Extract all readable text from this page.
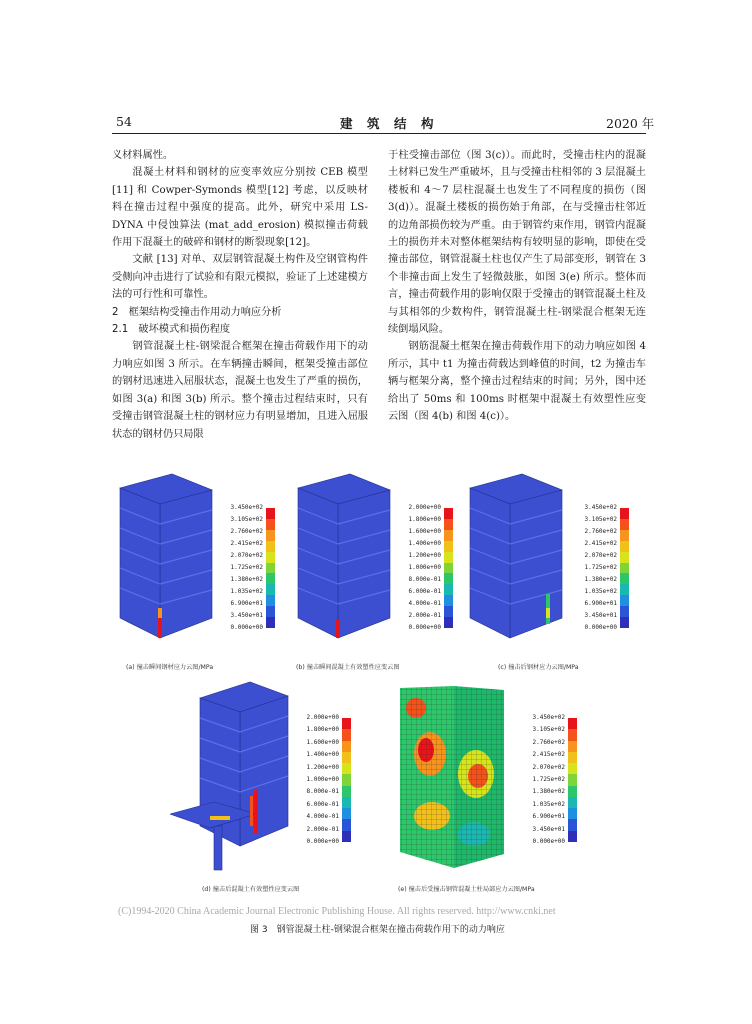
54	建　筑　结　构	2020 年

义材料属性。

混凝土材料和钢材的应变率效应分别按 CEB 模型[11] 和 Cowper-Symonds 模型[12] 考虑，以反映材料在撞击过程中强度的提高。此外，研究中采用 LS-DYNA 中侵蚀算法 (mat_add_erosion) 模拟撞击荷载作用下混凝土的破碎和钢材的断裂现象[12]。

文献 [13] 对单、双层钢管混凝土构件及空钢管构件受侧向冲击进行了试验和有限元模拟，验证了上述建模方法的可行性和可靠性。

2　框架结构受撞击作用动力响应分析

2.1　破坏模式和损伤程度

钢管混凝土柱-钢梁混合框架在撞击荷载作用下的动力响应如图 3 所示。在车辆撞击瞬间，框架受撞击部位的钢材迅速进入屈服状态，混凝土也发生了严重的损伤，如图 3(a) 和图 3(b) 所示。整个撞击过程结束时，只有受撞击钢管混凝土柱的钢材应力有明显增加，且进入屈服状态的钢材仍只局限

于柱受撞击部位（图 3(c)）。而此时，受撞击柱内的混凝土材料已发生严重破坏，且与受撞击柱相邻的 3 层混凝土楼板和 4～7 层柱混凝土也发生了不同程度的损伤（图 3(d)）。混凝土楼板的损伤始于角部，在与受撞击柱邻近的边角部损伤较为严重。由于钢管约束作用，钢管内混凝土的损伤并未对整体框架结构有较明显的影响，即使在受撞击部位，钢管混凝土柱也仅产生了局部变形，钢管在 3 个非撞击面上发生了轻微鼓胀，如图 3(e) 所示。整体而言，撞击荷载作用的影响仅限于受撞击的钢管混凝土柱及与其相邻的少数构件，钢管混凝土柱-钢梁混合框架无连续倒塌风险。

钢筋混凝土框架在撞击荷载作用下的动力响应如图 4 所示，其中 t1 为撞击荷载达到峰值的时间，t2 为撞击车辆与框架分离，整个撞击过程结束的时间；另外，图中还给出了 50ms 和 100ms 时框架中混凝土有效塑性应变云图（图 4(b) 和图 4(c)）。

3.450e+02
3.105e+02
2.760e+02
2.415e+02
2.070e+02
1.725e+02
1.380e+02
1.035e+02
6.900e+01
3.450e+01
0.000e+00
(a) 撞击瞬间钢材应力云图/MPa
2.000e+00
1.800e+00
1.600e+00
1.400e+00
1.200e+00
1.000e+00
8.000e-01
6.000e-01
4.000e-01
2.000e-01
0.000e+00
(b) 撞击瞬间混凝土有效塑性应变云图
3.450e+02
3.105e+02
2.760e+02
2.415e+02
2.070e+02
1.725e+02
1.380e+02
1.035e+02
6.900e+01
3.450e+01
0.000e+00
(c) 撞击后钢材应力云图/MPa
2.000e+00
1.800e+00
1.600e+00
1.400e+00
1.200e+00
1.000e+00
8.000e-01
6.000e-01
4.000e-01
2.000e-01
0.000e+00
(d) 撞击后混凝土有效塑性应变云图
3.450e+02
3.105e+02
2.760e+02
2.415e+02
2.070e+02
1.725e+02
1.380e+02
1.035e+02
6.900e+01
3.450e+01
0.000e+00
(e) 撞击后受撞击钢管混凝土柱局部应力云图/MPa
(C)1994-2020 China Academic Journal Electronic Publishing House. All rights reserved. http://www.cnki.net
图 3　钢管混凝土柱-钢梁混合框架在撞击荷载作用下的动力响应
